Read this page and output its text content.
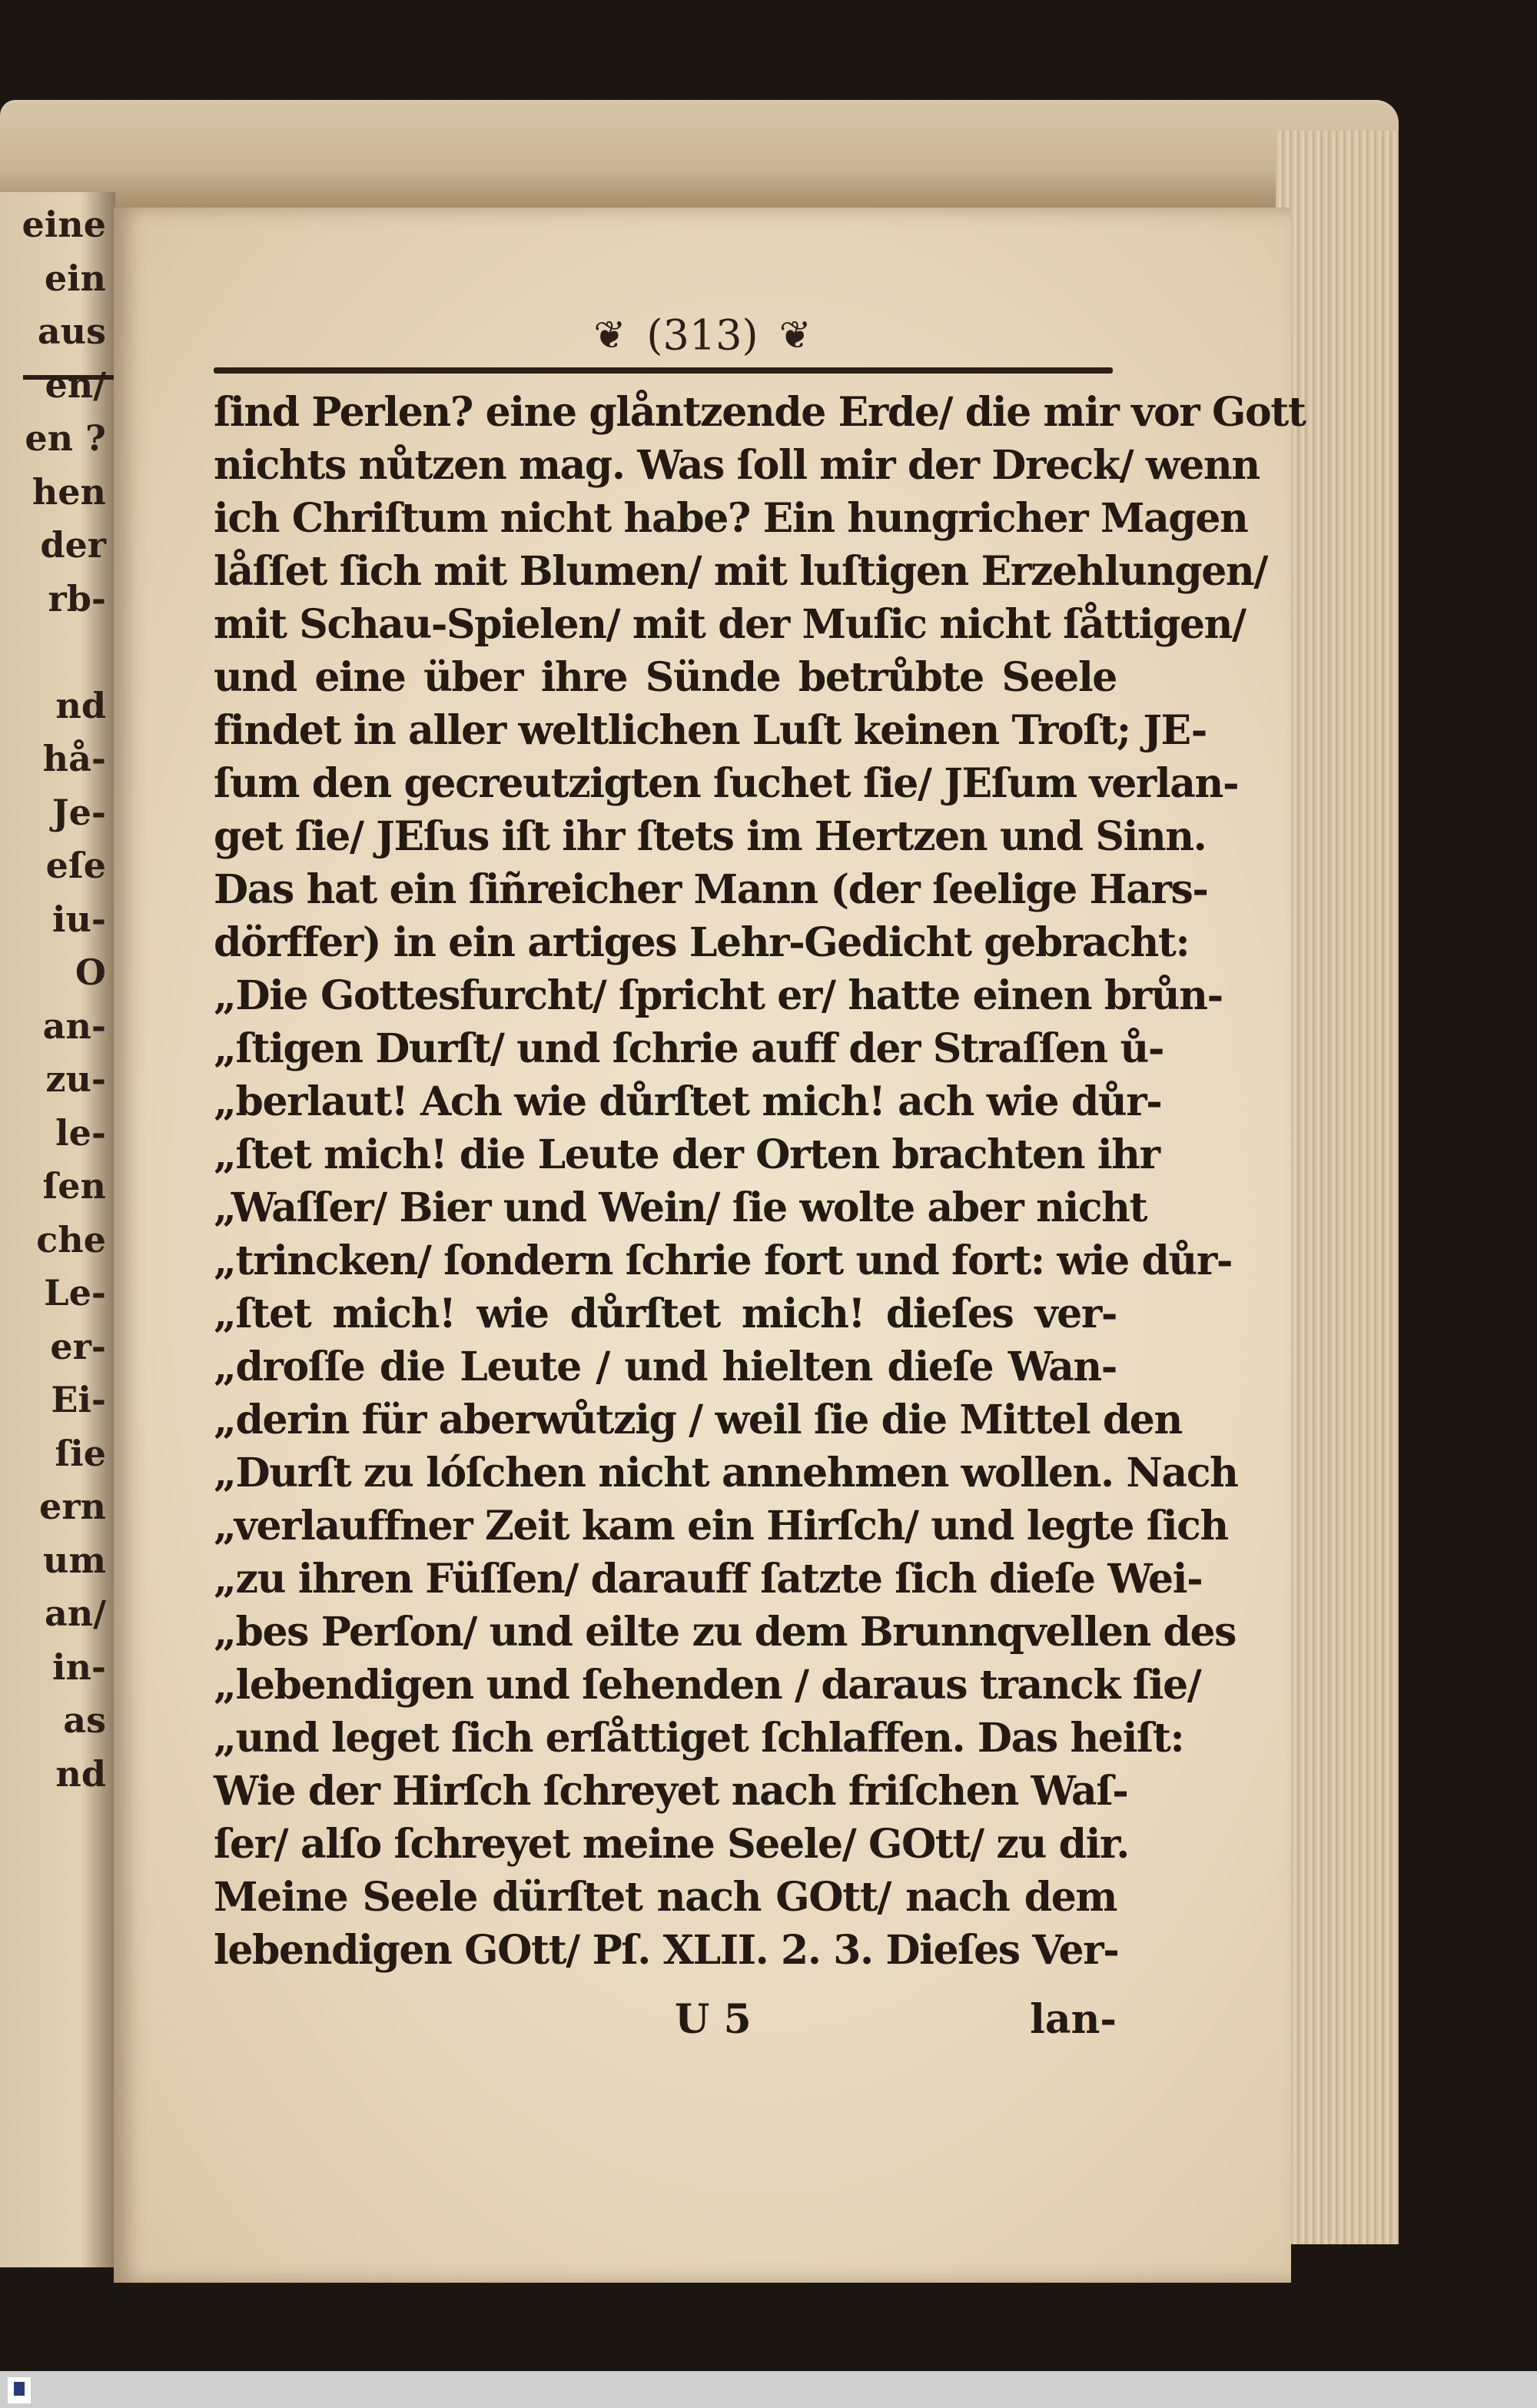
eine
ein
aus
en/
en ?
hen
der
rb-
nd
hå-
Je-
eſe
iu-
O
an-
zu-
le-
ſen
che
Le-
er-
Ei-
ſie
ern
um
an/
in-
as
nd
❦ (313) ❦
ſind Perlen? eine glåntzende Erde/ die mir vor Gott
nichts nůtzen mag. Was ſoll mir der Dreck/ wenn
ich Chriſtum nicht habe? Ein hungricher Magen
låſſet ſich mit Blumen/ mit luſtigen Erzehlungen/
mit Schau-Spielen/ mit der Muſic nicht ſåttigen/
und eine über ihre Sünde betrůbte Seele
findet in aller weltlichen Luſt keinen Troſt; JE-
ſum den gecreutzigten ſuchet ſie/ JEſum verlan-
get ſie/ JEſus iſt ihr ſtets im Hertzen und Sinn.
Das hat ein ſiñreicher Mann (der ſeelige Hars-
dörffer) in ein artiges Lehr-Gedicht gebracht:
„Die Gottesfurcht/ ſpricht er/ hatte einen brůn-
„ſtigen Durſt/ und ſchrie auff der Straſſen ů-
„berlaut! Ach wie důrſtet mich! ach wie důr-
„ſtet mich! die Leute der Orten brachten ihr
„Waſſer/ Bier und Wein/ ſie wolte aber nicht
„trincken/ ſondern ſchrie fort und fort: wie důr-
„ſtet mich! wie důrſtet mich! dieſes ver-
„droſſe die Leute / und hielten dieſe Wan-
„derin für aberwůtzig / weil ſie die Mittel den
„Durſt zu lóſchen nicht annehmen wollen. Nach
„verlauffner Zeit kam ein Hirſch/ und legte ſich
„zu ihren Füſſen/ darauff ſatzte ſich dieſe Wei-
„bes Perſon/ und eilte zu dem Brunnqvellen des
„lebendigen und ſehenden / daraus tranck ſie/
„und leget ſich erſåttiget ſchlaffen. Das heiſt:
Wie der Hirſch ſchreyet nach friſchen Waſ-
ſer/ alſo ſchreyet meine Seele/ GOtt/ zu dir.
Meine Seele dürſtet nach GOtt/ nach dem
lebendigen GOtt/ Pſ. XLII. 2. 3. Dieſes Ver-
U 5	lan-
